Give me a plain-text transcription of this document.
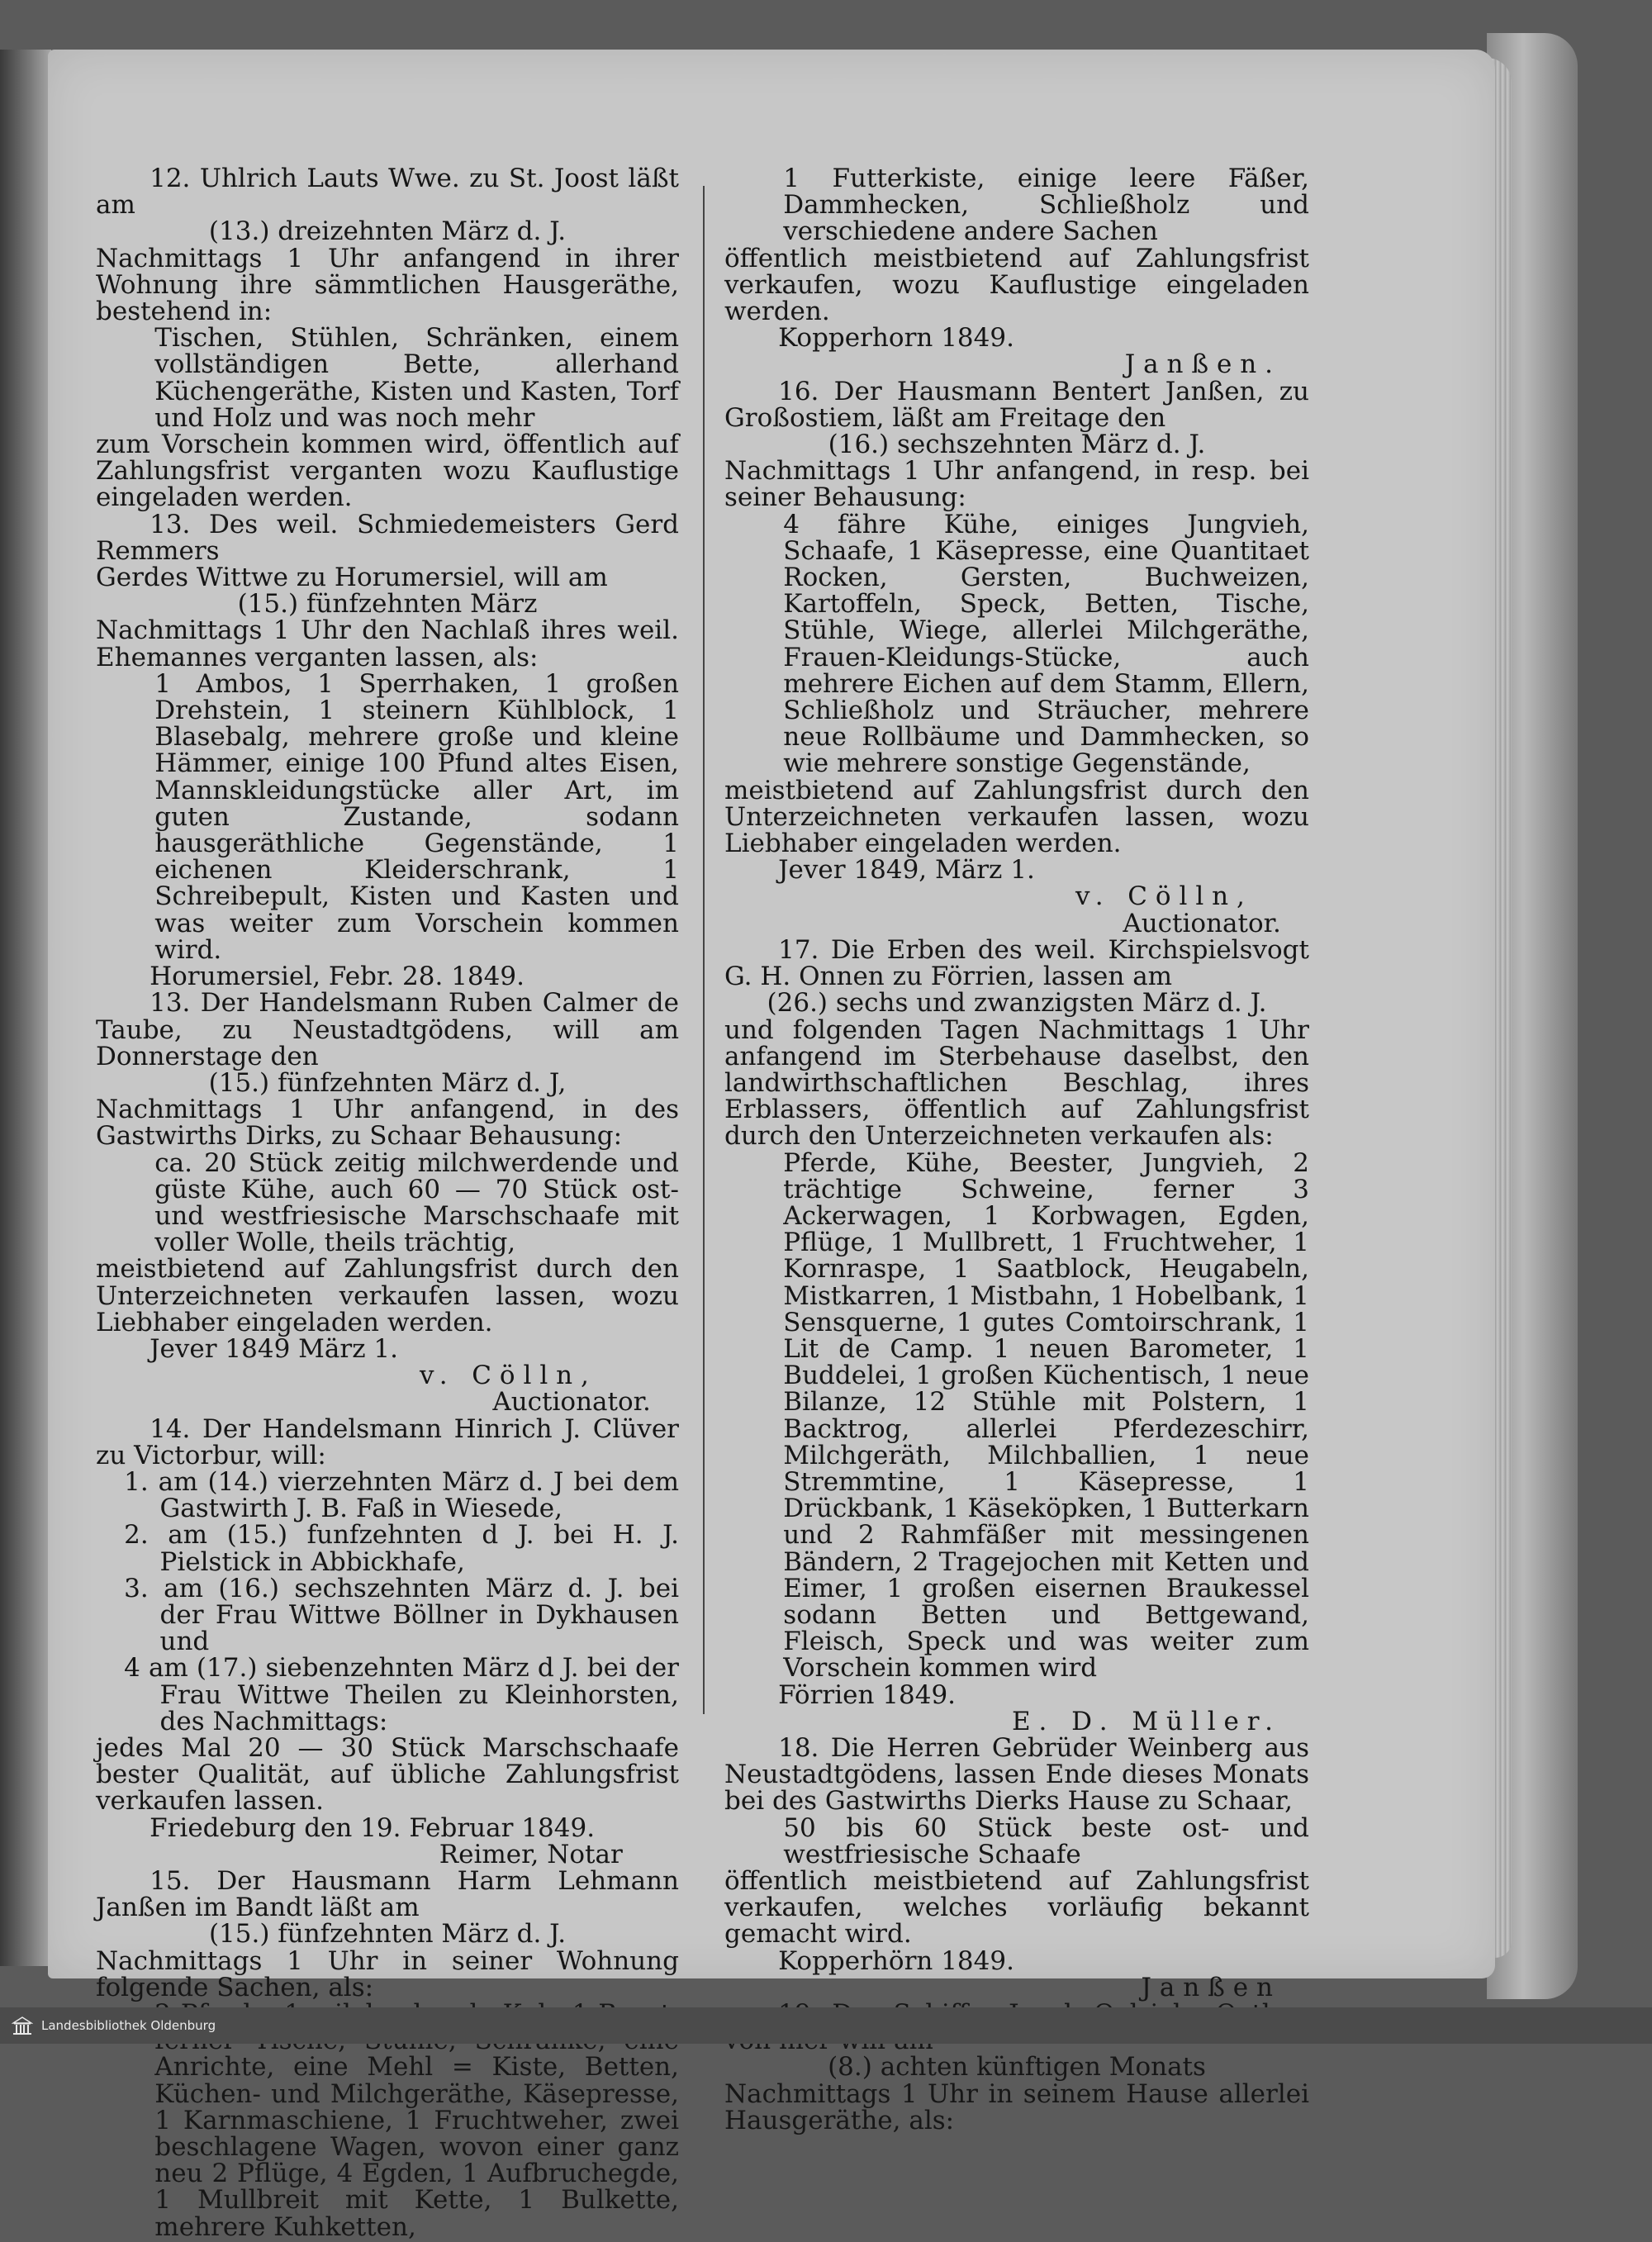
12. Uhlrich Lauts Wwe. zu St. Joost läßt am

(13.) dreizehnten März d. J.

Nachmittags 1 Uhr anfangend in ihrer Wohnung ihre sämmtlichen Hausgeräthe, bestehend in:

Tischen, Stühlen, Schränken, einem vollständigen Bette, allerhand Küchengeräthe, Kisten und Kasten, Torf und Holz und was noch mehr

zum Vorschein kommen wird, öffentlich auf Zahlungsfrist verganten wozu Kauflustige eingeladen werden.

13. Des weil. Schmiedemeisters Gerd Remmers

Gerdes Wittwe zu Horumersiel, will am

(15.) fünfzehnten März

Nachmittags 1 Uhr den Nachlaß ihres weil. Ehemannes verganten lassen, als:

1 Ambos, 1 Sperrhaken, 1 großen Drehstein, 1 steinern Kühlblock, 1 Blasebalg, mehrere große und kleine Hämmer, einige 100 Pfund altes Eisen, Mannskleidungstücke aller Art, im guten Zustande, sodann hausgeräthliche Gegenstände, 1 eichenen Kleiderschrank, 1 Schreibepult, Kisten und Kasten und was weiter zum Vorschein kommen wird.

Horumersiel, Febr. 28. 1849.

13. Der Handelsmann Ruben Calmer de Taube, zu Neustadtgödens, will am Donnerstage den

(15.) fünfzehnten März d. J,

Nachmittags 1 Uhr anfangend, in des Gastwirths Dirks, zu Schaar Behausung:

ca. 20 Stück zeitig milchwerdende und güste Kühe, auch 60 — 70 Stück ost- und westfriesische Marschschaafe mit voller Wolle, theils trächtig,

meistbietend auf Zahlungsfrist durch den Unterzeichneten verkaufen lassen, wozu Liebhaber eingeladen werden.

Jever 1849 März 1.

v. Cölln,

Auctionator.

14. Der Handelsmann Hinrich J. Clüver zu Victorbur, will:

1. am (14.) vierzehnten März d. J bei dem Gastwirth J. B. Faß in Wiesede,

2. am (15.) funfzehnten d J. bei H. J. Pielstick in Abbickhafe,

3. am (16.) sechszehnten März d. J. bei der Frau Wittwe Böllner in Dykhausen und

4 am (17.) siebenzehnten März d J. bei der Frau Wittwe Theilen zu Kleinhorsten, des Nachmittags:

jedes Mal 20 — 30 Stück Marschschaafe bester Qualität, auf übliche Zahlungsfrist verkaufen lassen.

Friedeburg den 19. Februar 1849.

Reimer, Notar

15. Der Hausmann Harm Lehmann Janßen im Bandt läßt am

(15.) fünfzehnten März d. J.

Nachmittags 1 Uhr in seiner Wohnung folgende Sachen, als:

Anrichte, eine Mehl = Kiste, Betten, Küchen- und Milchgeräthe, Käsepresse, 1 Karnmaschiene, 1 Fruchtweher, zwei beschlagene Wagen, wovon einer ganz neu 2 Pflüge, 4 Egden, 1 Aufbruchegde, 1 Mullbreit mit Kette, 1 Bulkette, mehrere Kuhketten,

1 Futterkiste, einige leere Fäßer, Dammhecken, Schließholz und verschiedene andere Sachen

öffentlich meistbietend auf Zahlungsfrist verkaufen, wozu Kauflustige eingeladen werden.

Kopperhorn 1849.

Janßen.

16. Der Hausmann Bentert Janßen, zu Großostiem, läßt am Freitage den

(16.) sechszehnten März d. J.

Nachmittags 1 Uhr anfangend, in resp. bei seiner Behausung:

4 fähre Kühe, einiges Jungvieh, Schaafe, 1 Käsepresse, eine Quantitaet Rocken, Gersten, Buchweizen, Kartoffeln, Speck, Betten, Tische, Stühle, Wiege, allerlei Milchgeräthe, Frauen-Kleidungs-Stücke, auch mehrere Eichen auf dem Stamm, Ellern, Schließholz und Sträucher, mehrere neue Rollbäume und Dammhecken, so wie mehrere sonstige Gegenstände,

meistbietend auf Zahlungsfrist durch den Unterzeichneten verkaufen lassen, wozu Liebhaber eingeladen werden.

Jever 1849, März 1.

v. Cölln,

Auctionator.

17. Die Erben des weil. Kirchspielsvogt G. H. Onnen zu Förrien, lassen am

(26.) sechs und zwanzigsten März d. J.

und folgenden Tagen Nachmittags 1 Uhr anfangend im Sterbehause daselbst, den landwirthschaftlichen Beschlag, ihres Erblassers, öffentlich auf Zahlungsfrist durch den Unterzeichneten verkaufen als:

Pferde, Kühe, Beester, Jungvieh, 2 trächtige Schweine, ferner 3 Ackerwagen, 1 Korbwagen, Egden, Pflüge, 1 Mullbrett, 1 Fruchtweher, 1 Kornraspe, 1 Saatblock, Heugabeln, Mistkarren, 1 Mistbahn, 1 Hobelbank, 1 Sensquerne, 1 gutes Comtoirschrank, 1 Lit de Camp. 1 neuen Barometer, 1 Buddelei, 1 großen Küchentisch, 1 neue Bilanze, 12 Stühle mit Polstern, 1 Backtrog, allerlei Pferdezeschirr, Milchgeräth, Milchballien, 1 neue Stremmtine, 1 Käsepresse, 1 Drückbank, 1 Käseköpken, 1 Butterkarn und 2 Rahmfäßer mit messingenen Bändern, 2 Tragejochen mit Ketten und Eimer, 1 großen eisernen Braukessel sodann Betten und Bettgewand, Fleisch, Speck und was weiter zum Vorschein kommen wird

Förrien 1849.

E. D. Müller.

18. Die Herren Gebrüder Weinberg aus Neustadtgödens, lassen Ende dieses Monats bei des Gastwirths Dierks Hause zu Schaar,

50 bis 60 Stück beste ost- und westfriesische Schaafe

öffentlich meistbietend auf Zahlungsfrist verkaufen, welches vorläufig bekannt gemacht wird.

Kopperhörn 1849.

Janßen

(8.) achten künftigen Monats

Nachmittags 1 Uhr in seinem Hause allerlei Hausgeräthe, als:

Landesbibliothek Oldenburg
